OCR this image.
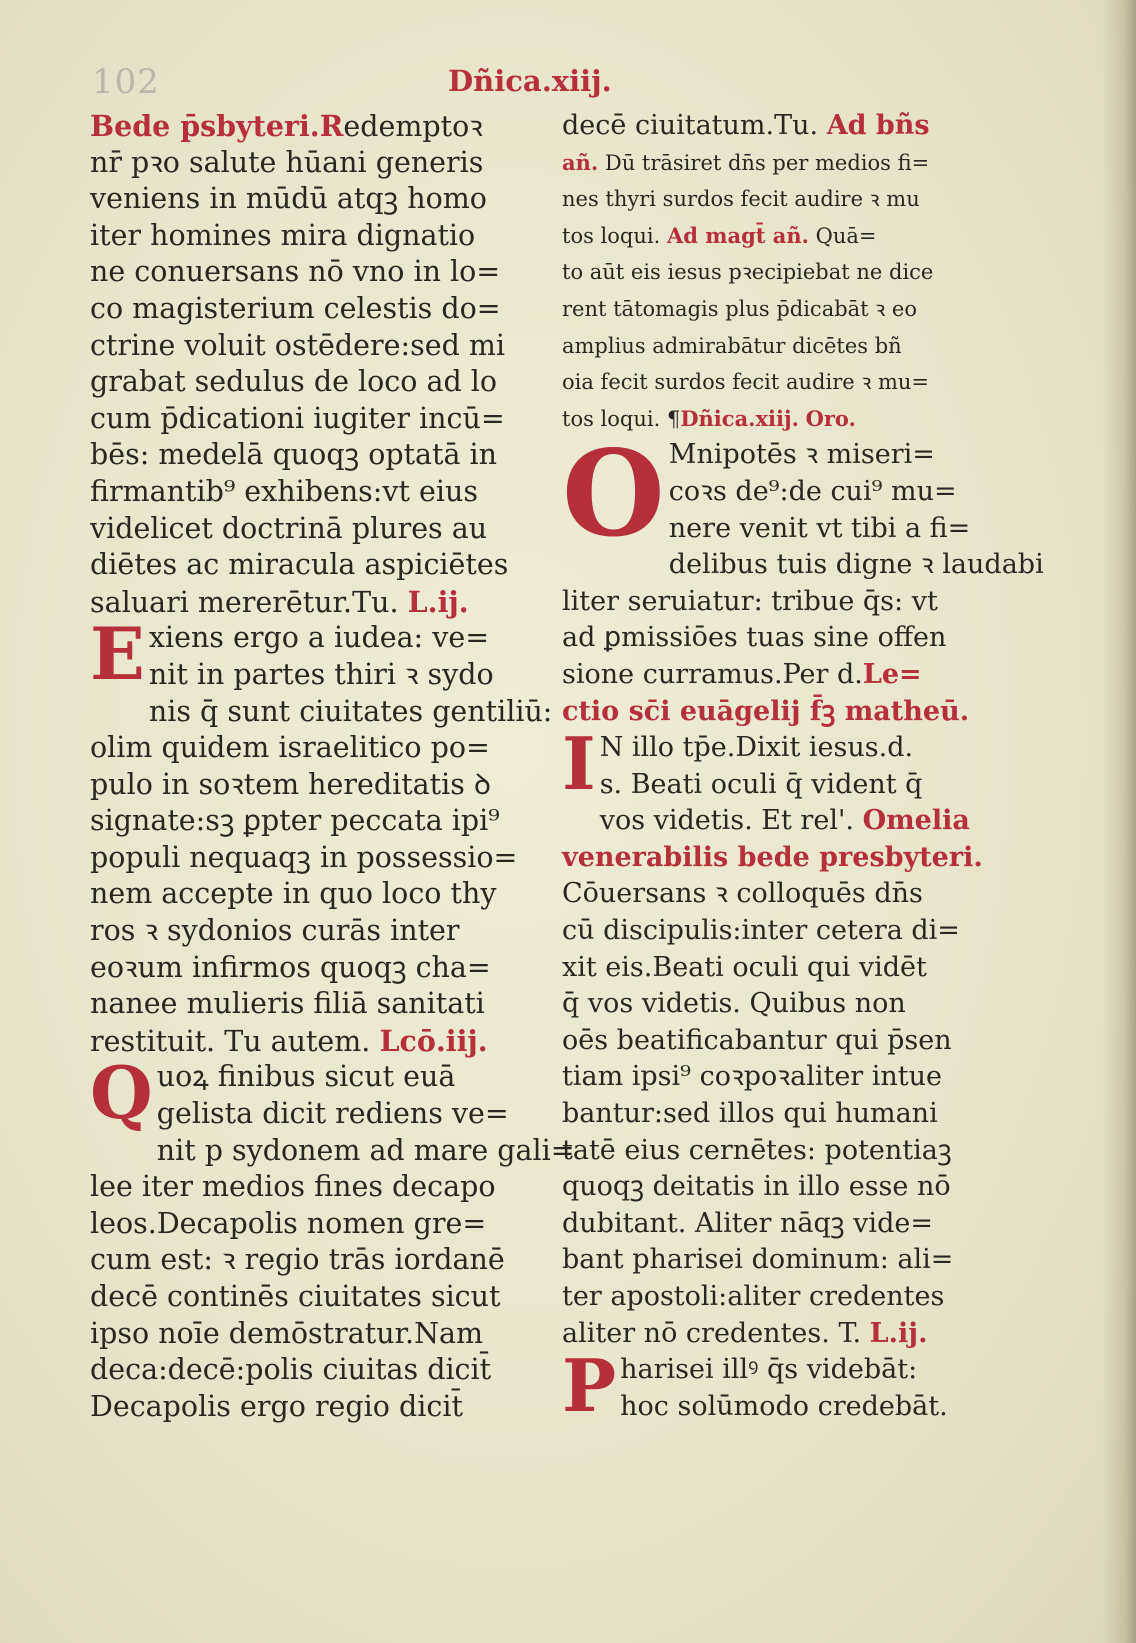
102	Dñica.xiij.
Bede p̄sbyteri.Redemptoꝛ
nr̄ pꝛo salute hūani generis
veniens in mūdū atqꝫ homo
iter homines mira dignatio
ne conuersans nō vno in lo=
co magisterium celestis do=
ctrine voluit ostēdere:sed mi
grabat sedulus de loco ad lo
cum p̄dicationi iugiter incū=
bēs: medelā quoqꝫ optatā in
firmantib⁹ exhibens:vt eius
videlicet doctrinā plures au
diētes ac miracula aspiciētes
saluari mererētur.Tu. L.ij.
E xiens ergo a iudea: ve=
nit in partes thiri ꝛ sydo
nis q̄ sunt ciuitates gentiliū:
olim quidem israelitico po=
pulo in soꝛtem hereditatis ꝺ
signate:sꝫ ꝑpter peccata ipi⁹
populi nequaqꝫ in possessio=
nem accepte in quo loco thy
ros ꝛ sydonios curās inter
eoꝛum infirmos quoqꝫ cha=
nanee mulieris filiā sanitati
restituit. Tu autem. Lcō.iij.
Q uoꝝ finibus sicut euā
gelista dicit rediens ve=
nit p sydonem ad mare gali=
lee iter medios fines decapo
leos.Decapolis nomen gre=
cum est: ꝛ regio trās iordanē
decē continēs ciuitates sicut
ipso noīe demōstratur.Nam
deca:decē:polis ciuitas dicit̄
Decapolis ergo regio dicit̄
decē ciuitatum.Tu. Ad bñs
añ. Dū trāsiret dn̄s per medios fi=
nes thyri surdos fecit audire ꝛ mu
tos loqui. Ad magt̄ añ. Quā=
to aūt eis iesus pꝛecipiebat ne dice
rent tātomagis plus p̄dicabāt ꝛ eo
amplius admirabātur dicētes bñ
oia fecit surdos fecit audire ꝛ mu=
tos loqui. ¶Dñica.xiij. Oro.
O Mnipotēs ꝛ miseri=
coꝛs de⁹:de cui⁹ mu=
nere venit vt tibi a fi=
delibus tuis digne ꝛ laudabi
liter seruiatur: tribue q̄s: vt
ad ꝑmissiōes tuas sine offen
sione curramus.Per d.Le=
ctio sc̄i euāgelij f̄ꝫ matheū.
I N illo tp̄e.Dixit iesus.d.
s. Beati oculi q̄ vident q̄
vos videtis. Et rel'. Omelia
venerabilis bede presbyteri.
Cōuersans ꝛ colloquēs dn̄s
cū discipulis:inter cetera di=
xit eis.Beati oculi qui vidēt
q̄ vos videtis. Quibus non
oēs beatificabantur qui p̄sen
tiam ipsi⁹ coꝛpoꝛaliter intue
bantur:sed illos qui humani
tatē eius cernētes: potentiaꝫ
quoqꝫ deitatis in illo esse nō
dubitant. Aliter nāqꝫ vide=
bant pharisei dominum: ali=
ter apostoli:aliter credentes
aliter nō credentes. T. L.ij.
P harisei illꝰ q̄s videbāt:
hoc solūmodo credebāt.
